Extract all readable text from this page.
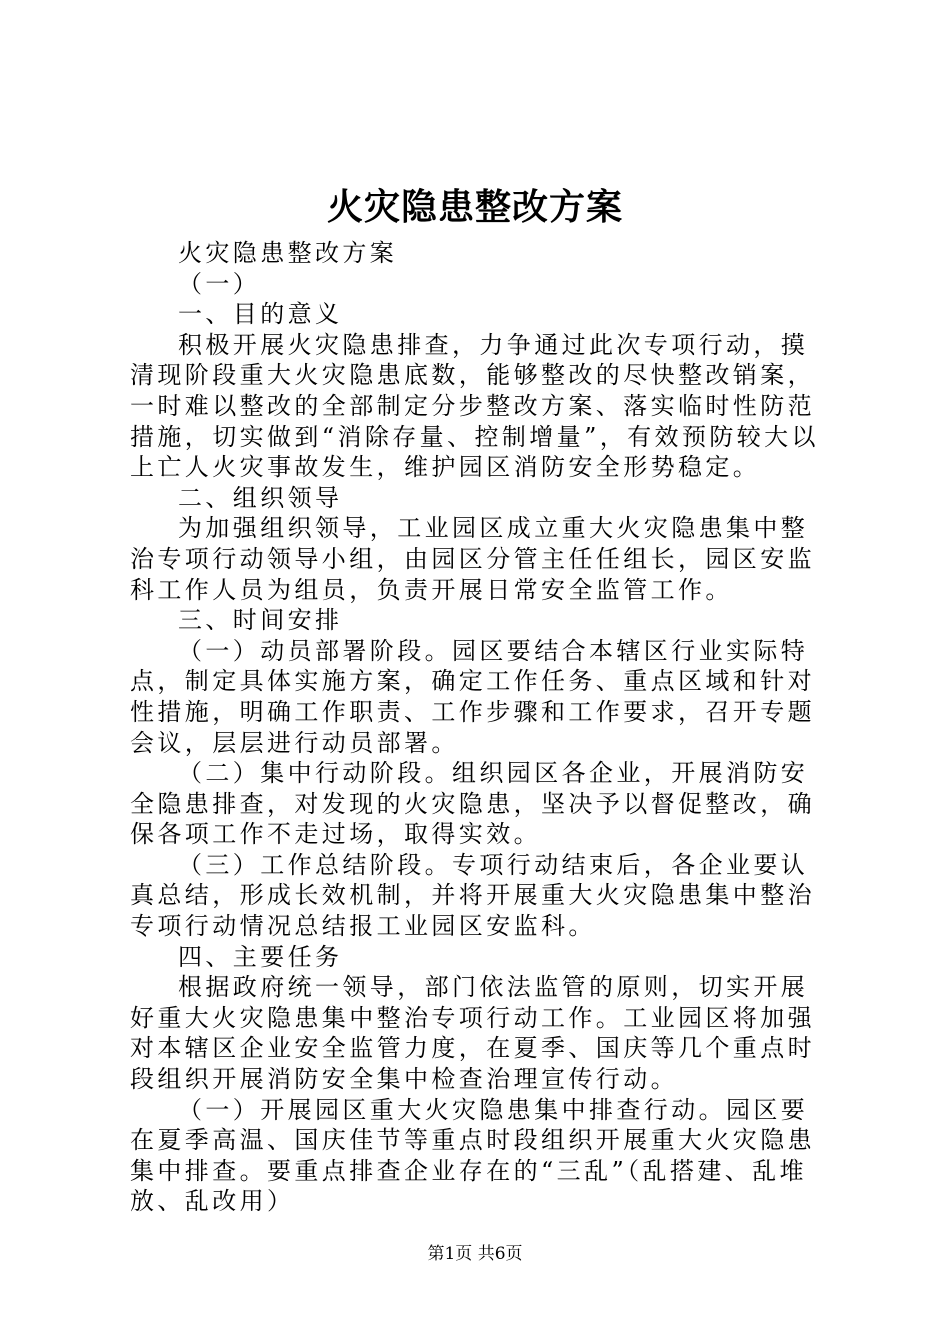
火灾隐患整改方案

火灾隐患整改方案

（一）

一、目的意义

积极开展火灾隐患排查，力争通过此次专项行动，摸清现阶段重大火灾隐患底数，能够整改的尽快整改销案，一时难以整改的全部制定分步整改方案、落实临时性防范措施，切实做到“消除存量、控制增量”，有效预防较大以上亡人火灾事故发生，维护园区消防安全形势稳定。

二、组织领导

为加强组织领导，工业园区成立重大火灾隐患集中整治专项行动领导小组，由园区分管主任任组长，园区安监科工作人员为组员，负责开展日常安全监管工作。

三、时间安排

（一）动员部署阶段。园区要结合本辖区行业实际特点，制定具体实施方案，确定工作任务、重点区域和针对性措施，明确工作职责、工作步骤和工作要求，召开专题会议，层层进行动员部署。

（二）集中行动阶段。组织园区各企业，开展消防安全隐患排查，对发现的火灾隐患，坚决予以督促整改，确保各项工作不走过场，取得实效。

（三）工作总结阶段。专项行动结束后，各企业要认真总结，形成长效机制，并将开展重大火灾隐患集中整治专项行动情况总结报工业园区安监科。

四、主要任务

根据政府统一领导，部门依法监管的原则，切实开展好重大火灾隐患集中整治专项行动工作。工业园区将加强对本辖区企业安全监管力度，在夏季、国庆等几个重点时段组织开展消防安全集中检查治理宣传行动。

（一）开展园区重大火灾隐患集中排查行动。园区要在夏季高温、国庆佳节等重点时段组织开展重大火灾隐患集中排查。要重点排查企业存在的“三乱”（乱搭建、乱堆放、乱改用）

第1页 共6页
